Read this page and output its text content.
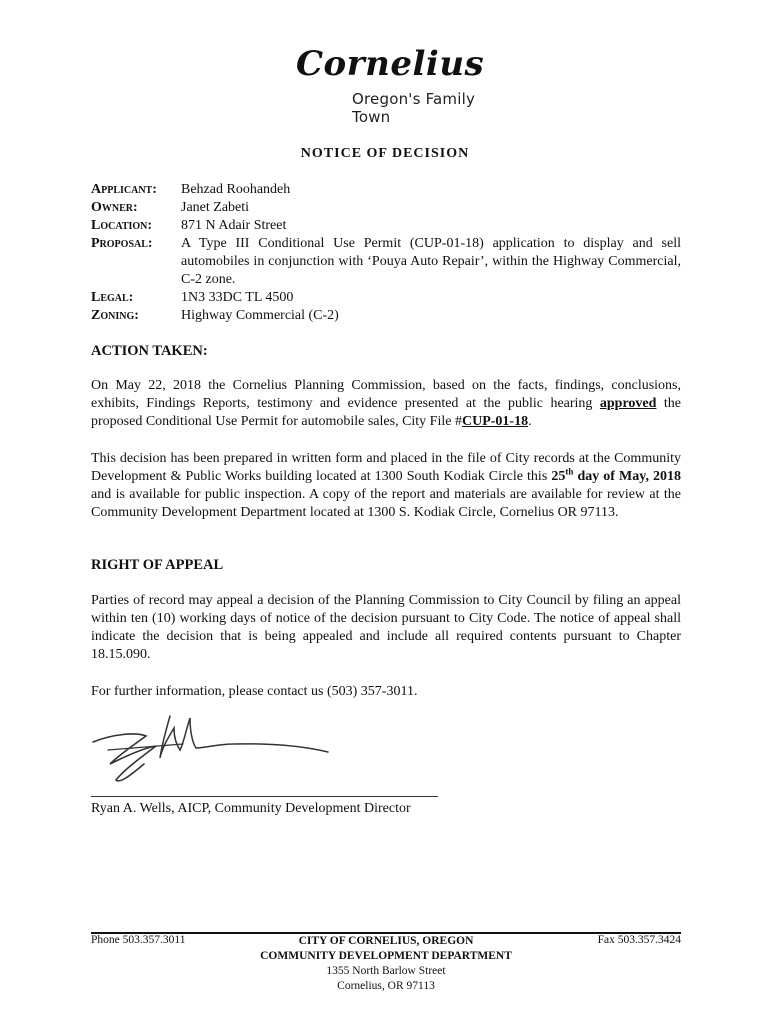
Cornelius
Oregon's Family Town
NOTICE OF DECISION
Applicant:	Behzad Roohandeh
Owner:	Janet Zabeti
Location:	871 N Adair Street
Proposal:	A Type III Conditional Use Permit (CUP-01-18) application to display and sell automobiles in conjunction with ‘Pouya Auto Repair’, within the Highway Commercial, C-2 zone.
Legal:	1N3 33DC TL 4500
Zoning:	Highway Commercial (C-2)
ACTION TAKEN:
On May 22, 2018 the Cornelius Planning Commission, based on the facts, findings, conclusions, exhibits, Findings Reports, testimony and evidence presented at the public hearing approved the proposed Conditional Use Permit for automobile sales, City File #CUP-01-18.
This decision has been prepared in written form and placed in the file of City records at the Community Development & Public Works building located at 1300 South Kodiak Circle this 25th day of May, 2018 and is available for public inspection. A copy of the report and materials are available for review at the Community Development Department located at 1300 S. Kodiak Circle, Cornelius OR 97113.
RIGHT OF APPEAL
Parties of record may appeal a decision of the Planning Commission to City Council by filing an appeal within ten (10) working days of notice of the decision pursuant to City Code. The notice of appeal shall indicate the decision that is being appealed and include all required contents pursuant to Chapter 18.15.090.
For further information, please contact us (503) 357-3011.
Ryan A. Wells, AICP, Community Development Director
Phone 503.357.3011	Fax 503.357.3424
CITY OF CORNELIUS, OREGON
COMMUNITY DEVELOPMENT DEPARTMENT
1355 North Barlow Street
Cornelius, OR 97113
